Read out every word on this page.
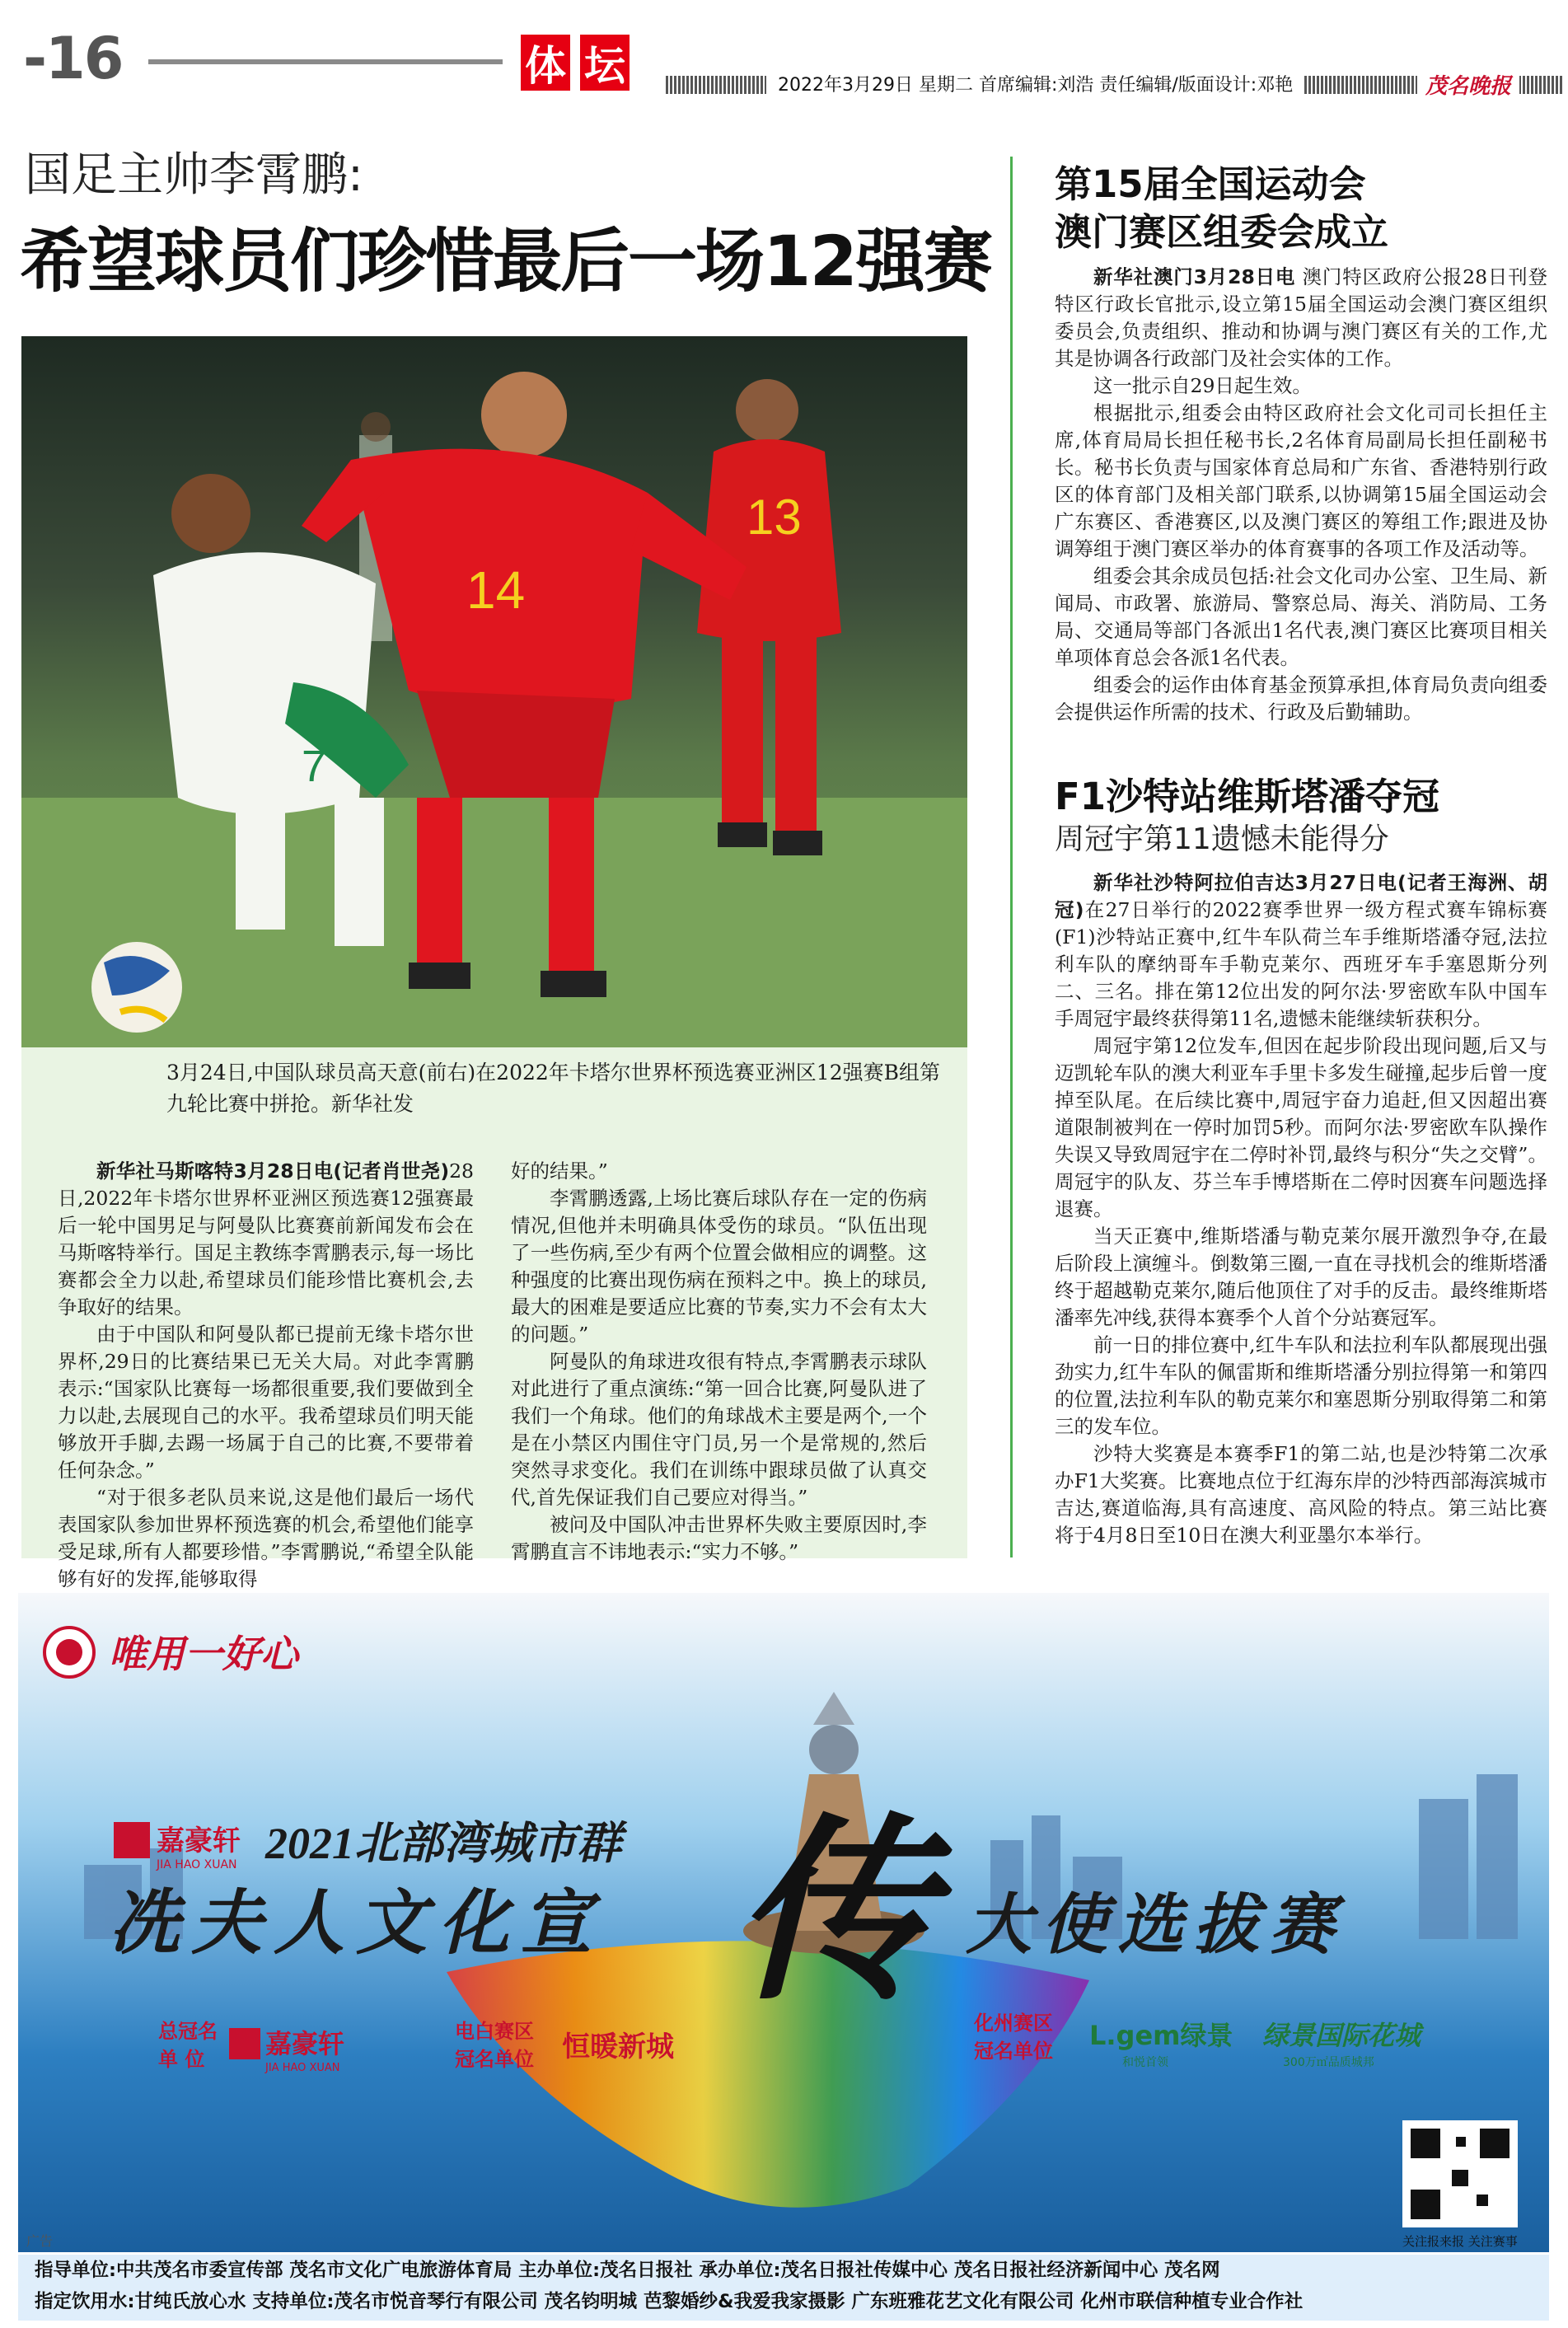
-16	体 坛	2022年3月29日 星期二 首席编辑:刘浩 责任编辑/版面设计:邓艳	茂名晚报
国足主帅李霄鹏:
希望球员们珍惜最后一场12强赛
13
14
7
3月24日,中国队球员高天意(前右)在2022年卡塔尔世界杯预选赛亚洲区12强赛B组第九轮比赛中拼抢。新华社发

新华社马斯喀特3月28日电(记者肖世尧)28日,2022年卡塔尔世界杯亚洲区预选赛12强赛最后一轮中国男足与阿曼队比赛赛前新闻发布会在马斯喀特举行。国足主教练李霄鹏表示,每一场比赛都会全力以赴,希望球员们能珍惜比赛机会,去争取好的结果。

由于中国队和阿曼队都已提前无缘卡塔尔世界杯,29日的比赛结果已无关大局。对此李霄鹏表示:“国家队比赛每一场都很重要,我们要做到全力以赴,去展现自己的水平。我希望球员们明天能够放开手脚,去踢一场属于自己的比赛,不要带着任何杂念。”

“对于很多老队员来说,这是他们最后一场代表国家队参加世界杯预选赛的机会,希望他们能享受足球,所有人都要珍惜。”李霄鹏说,“希望全队能够有好的发挥,能够取得

好的结果。”

李霄鹏透露,上场比赛后球队存在一定的伤病情况,但他并未明确具体受伤的球员。“队伍出现了一些伤病,至少有两个位置会做相应的调整。这种强度的比赛出现伤病在预料之中。换上的球员,最大的困难是要适应比赛的节奏,实力不会有太大的问题。”

阿曼队的角球进攻很有特点,李霄鹏表示球队对此进行了重点演练:“第一回合比赛,阿曼队进了我们一个角球。他们的角球战术主要是两个,一个是在小禁区内围住守门员,另一个是常规的,然后突然寻求变化。我们在训练中跟球员做了认真交代,首先保证我们自己要应对得当。”

被问及中国队冲击世界杯失败主要原因时,李霄鹏直言不讳地表示:“实力不够。”

第15届全国运动会
澳门赛区组委会成立

新华社澳门3月28日电 澳门特区政府公报28日刊登特区行政长官批示,设立第15届全国运动会澳门赛区组织委员会,负责组织、推动和协调与澳门赛区有关的工作,尤其是协调各行政部门及社会实体的工作。

这一批示自29日起生效。

根据批示,组委会由特区政府社会文化司司长担任主席,体育局局长担任秘书长,2名体育局副局长担任副秘书长。秘书长负责与国家体育总局和广东省、香港特别行政区的体育部门及相关部门联系,以协调第15届全国运动会广东赛区、香港赛区,以及澳门赛区的筹组工作;跟进及协调筹组于澳门赛区举办的体育赛事的各项工作及活动等。

组委会其余成员包括:社会文化司办公室、卫生局、新闻局、市政署、旅游局、警察总局、海关、消防局、工务局、交通局等部门各派出1名代表,澳门赛区比赛项目相关单项体育总会各派1名代表。

组委会的运作由体育基金预算承担,体育局负责向组委会提供运作所需的技术、行政及后勤辅助。

F1沙特站维斯塔潘夺冠
周冠宇第11遗憾未能得分

新华社沙特阿拉伯吉达3月27日电(记者王海洲、胡冠)在27日举行的2022赛季世界一级方程式赛车锦标赛(F1)沙特站正赛中,红牛车队荷兰车手维斯塔潘夺冠,法拉利车队的摩纳哥车手勒克莱尔、西班牙车手塞恩斯分列二、三名。排在第12位出发的阿尔法·罗密欧车队中国车手周冠宇最终获得第11名,遗憾未能继续斩获积分。

周冠宇第12位发车,但因在起步阶段出现问题,后又与迈凯轮车队的澳大利亚车手里卡多发生碰撞,起步后曾一度掉至队尾。在后续比赛中,周冠宇奋力追赶,但又因超出赛道限制被判在一停时加罚5秒。而阿尔法·罗密欧车队操作失误又导致周冠宇在二停时补罚,最终与积分“失之交臂”。周冠宇的队友、芬兰车手博塔斯在二停时因赛车问题选择退赛。

当天正赛中,维斯塔潘与勒克莱尔展开激烈争夺,在最后阶段上演缠斗。倒数第三圈,一直在寻找机会的维斯塔潘终于超越勒克莱尔,随后他顶住了对手的反击。最终维斯塔潘率先冲线,获得本赛季个人首个分站赛冠军。

前一日的排位赛中,红牛车队和法拉利车队都展现出强劲实力,红牛车队的佩雷斯和维斯塔潘分别拉得第一和第四的位置,法拉利车队的勒克莱尔和塞恩斯分别取得第二和第三的发车位。

沙特大奖赛是本赛季F1的第二站,也是沙特第二次承办F1大奖赛。比赛地点位于红海东岸的沙特西部海滨城市吉达,赛道临海,具有高速度、高风险的特点。第三站比赛将于4月8日至10日在澳大利亚墨尔本举行。

唯用一好心
嘉豪轩
JIA HAO XUAN 2021北部湾城市群
冼夫人文化宣 传 大使选拔赛
总冠名
单 位 嘉豪轩
JIA HAO XUAN
电白赛区
冠名单位 恒暖新城
化州赛区
冠名单位 L.gem绿景
和悦首领
绿景国际花城
300万㎡品质城邦
关注报来报 关注赛事
广告
指导单位:中共茂名市委宣传部 茂名市文化广电旅游体育局 主办单位:茂名日报社 承办单位:茂名日报社传媒中心 茂名日报社经济新闻中心 茂名网
指定饮用水:甘纯氏放心水 支持单位:茂名市悦音琴行有限公司 茂名钧明城 芭黎婚纱&我爱我家摄影 广东班雅花艺文化有限公司 化州市联信种植专业合作社
